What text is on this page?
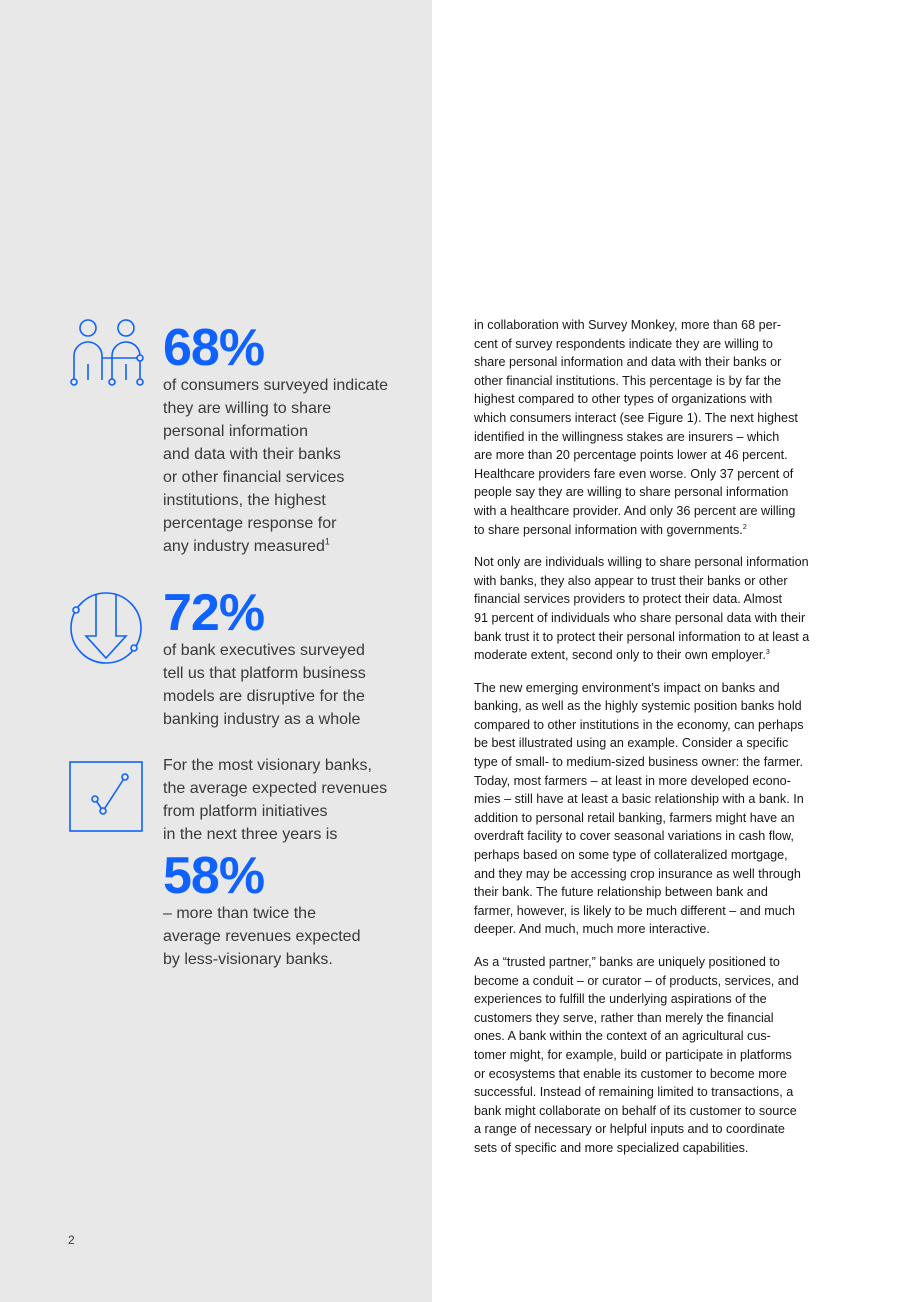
68%

of consumers surveyed indicate
they are willing to share
personal information
and data with their banks
or other financial services
institutions, the highest
percentage response for
any industry measured$^1$

72%

of bank executives surveyed
tell us that platform business
models are disruptive for the
banking industry as a whole

For the most visionary banks,
the average expected revenues
from platform initiatives
in the next three years is

58%

– more than twice the
average revenues expected
by less-visionary banks.

2

in collaboration with Survey Monkey, more than 68 per-
cent of survey respondents indicate they are willing to
share personal information and data with their banks or
other financial institutions. This percentage is by far the
highest compared to other types of organizations with
which consumers interact (see Figure 1). The next highest
identified in the willingness stakes are insurers – which
are more than 20 percentage points lower at 46 percent.
Healthcare providers fare even worse. Only 37 percent of
people say they are willing to share personal information
with a healthcare provider. And only 36 percent are willing
to share personal information with governments.$^2$

Not only are individuals willing to share personal information
with banks, they also appear to trust their banks or other
financial services providers to protect their data. Almost
91 percent of individuals who share personal data with their
bank trust it to protect their personal information to at least a
moderate extent, second only to their own employer.$^3$

The new emerging environment’s impact on banks and
banking, as well as the highly systemic position banks hold
compared to other institutions in the economy, can perhaps
be best illustrated using an example. Consider a specific
type of small- to medium-sized business owner: the farmer.
Today, most farmers – at least in more developed econo-
mies – still have at least a basic relationship with a bank. In
addition to personal retail banking, farmers might have an
overdraft facility to cover seasonal variations in cash flow,
perhaps based on some type of collateralized mortgage,
and they may be accessing crop insurance as well through
their bank. The future relationship between bank and
farmer, however, is likely to be much different – and much
deeper. And much, much more interactive.

As a “trusted partner,” banks are uniquely positioned to
become a conduit – or curator – of products, services, and
experiences to fulfill the underlying aspirations of the
customers they serve, rather than merely the financial
ones. A bank within the context of an agricultural cus-
tomer might, for example, build or participate in platforms
or ecosystems that enable its customer to become more
successful. Instead of remaining limited to transactions, a
bank might collaborate on behalf of its customer to source
a range of necessary or helpful inputs and to coordinate
sets of specific and more specialized capabilities.
